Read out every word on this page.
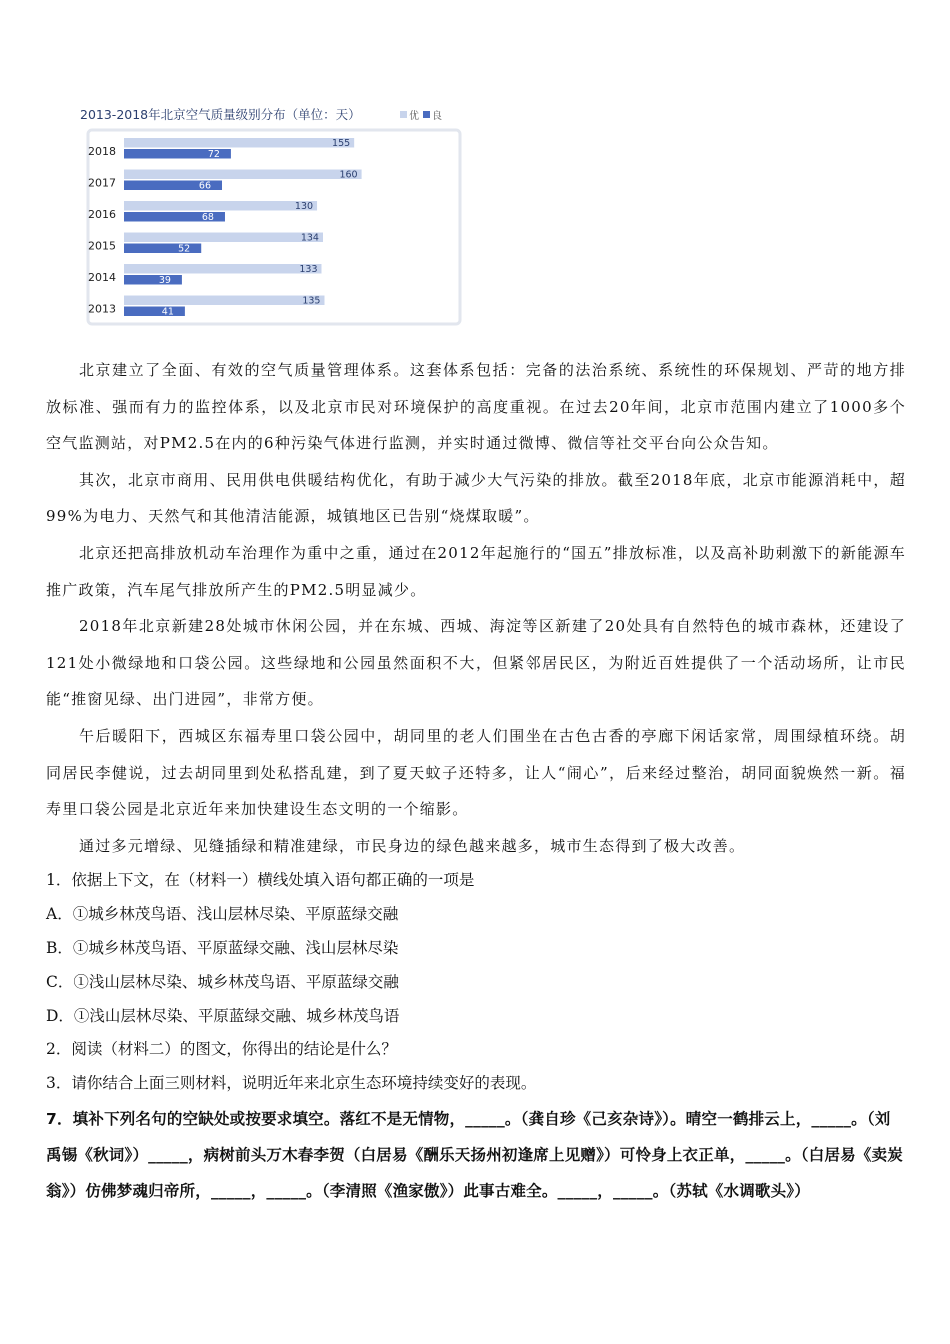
2013-2018年北京空气质量级别分布（单位：天）	优 良
2018
155
72
2017
160
66
2016
130
68
2015
134
52
2014
133
39
2013
135
41

北京建立了全面、有效的空气质量管理体系。这套体系包括：完备的法治系统、系统性的环保规划、严苛的地方排放标准、强而有力的监控体系，以及北京市民对环境保护的高度重视。在过去20年间，北京市范围内建立了1000多个空气监测站，对PM2.5在内的6种污染气体进行监测，并实时通过微博、微信等社交平台向公众告知。

其次，北京市商用、民用供电供暖结构优化，有助于减少大气污染的排放。截至2018年底，北京市能源消耗中，超99%为电力、天然气和其他清洁能源，城镇地区已告别“烧煤取暖”。

北京还把高排放机动车治理作为重中之重，通过在2012年起施行的“国五”排放标准，以及高补助刺激下的新能源车推广政策，汽车尾气排放所产生的PM2.5明显减少。

2018年北京新建28处城市休闲公园，并在东城、西城、海淀等区新建了20处具有自然特色的城市森林，还建设了121处小微绿地和口袋公园。这些绿地和公园虽然面积不大，但紧邻居民区，为附近百姓提供了一个活动场所，让市民能“推窗见绿、出门进园”，非常方便。

午后暖阳下，西城区东福寿里口袋公园中，胡同里的老人们围坐在古色古香的亭廊下闲话家常，周围绿植环绕。胡同居民李健说，过去胡同里到处私搭乱建，到了夏天蚊子还特多，让人“闹心”，后来经过整治，胡同面貌焕然一新。福寿里口袋公园是北京近年来加快建设生态文明的一个缩影。

通过多元增绿、见缝插绿和精准建绿，市民身边的绿色越来越多，城市生态得到了极大改善。

1．依据上下文，在（材料一）横线处填入语句都正确的一项是

A．①城乡林茂鸟语、浅山层林尽染、平原蓝绿交融

B．①城乡林茂鸟语、平原蓝绿交融、浅山层林尽染

C．①浅山层林尽染、城乡林茂鸟语、平原蓝绿交融

D．①浅山层林尽染、平原蓝绿交融、城乡林茂鸟语

2．阅读（材料二）的图文，你得出的结论是什么？

3．请你结合上面三则材料，说明近年来北京生态环境持续变好的表现。

7．填补下列名句的空缺处或按要求填空。落红不是无情物，_____。（龚自珍《己亥杂诗》）。晴空一鹤排云上，_____。（刘禹锡《秋词》）_____，病树前头万木春李贺（白居易《酬乐天扬州初逢席上见赠》）可怜身上衣正单，_____。（白居易《卖炭翁》）仿佛梦魂归帝所，_____，_____。（李清照《渔家傲》）此事古难全。_____，_____。（苏轼《水调歌头》）
